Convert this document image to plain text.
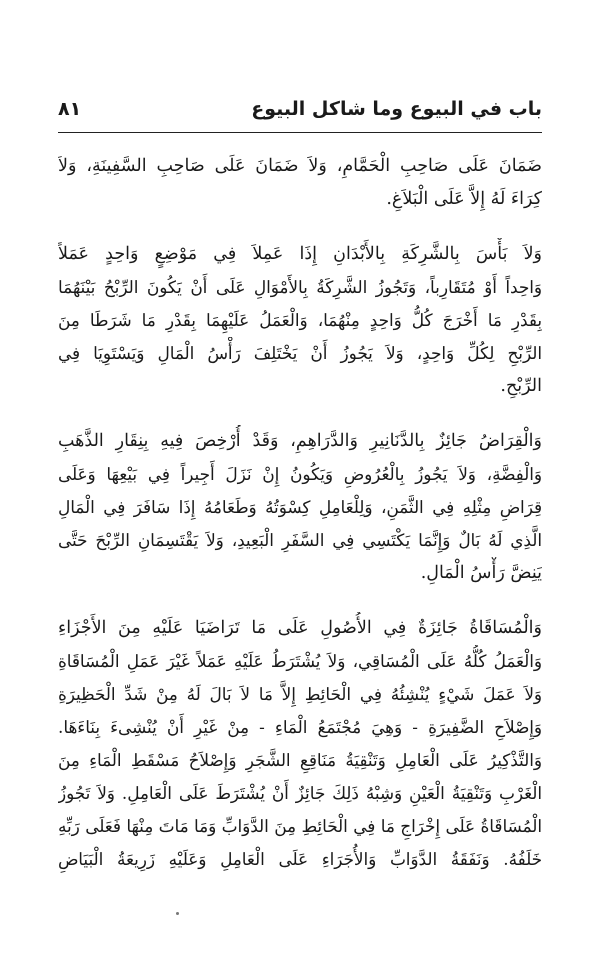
باب في البيوع وما شاكل البيوع
٨١

ضَمَانَ عَلَى صَاحِبِ الْحَمَّامِ، وَلاَ ضَمَانَ عَلَى صَاحِبِ السَّفِينَةِ، وَلاَ
كِرَاءَ لَهُ إِلاَّ عَلَى الْبَلاَغِ.

وَلاَ بَأْسَ بِالشَّرِكَةِ بِالأَبْدَانِ إِذَا عَمِلاَ فِي مَوْضِعٍ وَاحِدٍ عَمَلاً
وَاحِداً أَوْ مُتَقَارِباً، وَتَجُوزُ الشَّرِكَةُ بِالأَمْوَالِ عَلَى أَنْ يَكُونَ الرِّبْحُ بَيْنَهُمَا
بِقَدْرِ مَا أَخْرَجَ كُلُّ وَاحِدٍ مِنْهُمَا، وَالْعَمَلُ عَلَيْهِمَا بِقَدْرِ مَا شَرَطَا مِنَ
الرِّبْحِ لِكُلِّ وَاحِدٍ، وَلاَ يَجُوزُ أَنْ يَخْتَلِفَ رَأْسُ الْمَالِ وَيَسْتَوِيَا فِي
الرِّبْحِ.

وَالْقِرَاضُ جَائِزٌ بِالدَّنَانِيرِ وَالدَّرَاهِمِ، وَقَدْ أُرْخِصَ فِيهِ بِنِقَارِ الذَّهَبِ
وَالْفِضَّةِ، وَلاَ يَجُوزُ بِالْعُرُوضِ وَيَكُونُ إِنْ نَزَلَ أَجِيراً فِي بَيْعِهَا وَعَلَى
قِرَاضِ مِثْلِهِ فِي الثَّمَنِ، وَلِلْعَامِلِ كِسْوَتُهُ وَطَعَامُهُ إِذَا سَافَرَ فِي الْمَالِ
الَّذِي لَهُ بَالٌ وَإِنَّمَا يَكْتَسِي فِي السَّفَرِ الْبَعِيدِ، وَلاَ يَقْتَسِمَانِ الرِّبْحَ حَتَّى
يَنِضَّ رَأْسُ الْمَالِ.

وَالْمُسَاقَاةُ جَائِزَةٌ فِي الأُصُولِ عَلَى مَا تَرَاضَيَا عَلَيْهِ مِنَ الأَجْزَاءِ
وَالْعَمَلُ كُلُّهُ عَلَى الْمُسَاقِي، وَلاَ يُشْتَرَطُ عَلَيْهِ عَمَلاً غَيْرَ عَمَلِ الْمُسَاقَاةِ
وَلاَ عَمَلَ شَيْءٍ يُنْشِئُهُ فِي الْحَائِطِ إِلاَّ مَا لاَ بَالَ لَهُ مِنْ شَدِّ الْحَظِيرَةِ
وَإِصْلاَحِ الضَّفِيرَةِ - وَهِيَ مُجْتَمَعُ الْمَاءِ - مِنْ غَيْرِ أَنْ يُنْشِىءَ بِنَاءَهَا.
وَالتَّذْكِيرُ عَلَى الْعَامِلِ وَتَنْقِيَةُ مَنَاقِعِ الشَّجَرِ وَإِصْلاَحُ مَسْقَطِ الْمَاءِ مِنَ
الْغَرْبِ وَتَنْقِيَةُ الْعَيْنِ وَشِبْهُ ذَلِكَ جَائِزٌ أَنْ يُشْتَرَطَ عَلَى الْعَامِلِ. وَلاَ تَجُوزُ
الْمُسَاقَاةُ عَلَى إِخْرَاجِ مَا فِي الْحَائِطِ مِنَ الدَّوَابِّ وَمَا مَاتَ مِنْهَا فَعَلَى رَبِّهِ
خَلَفُهُ. وَنَفَقَةُ الدَّوَابِّ وَالأُجَرَاءِ عَلَى الْعَامِلِ وَعَلَيْهِ زَرِيعَةُ الْبَيَاضِ
